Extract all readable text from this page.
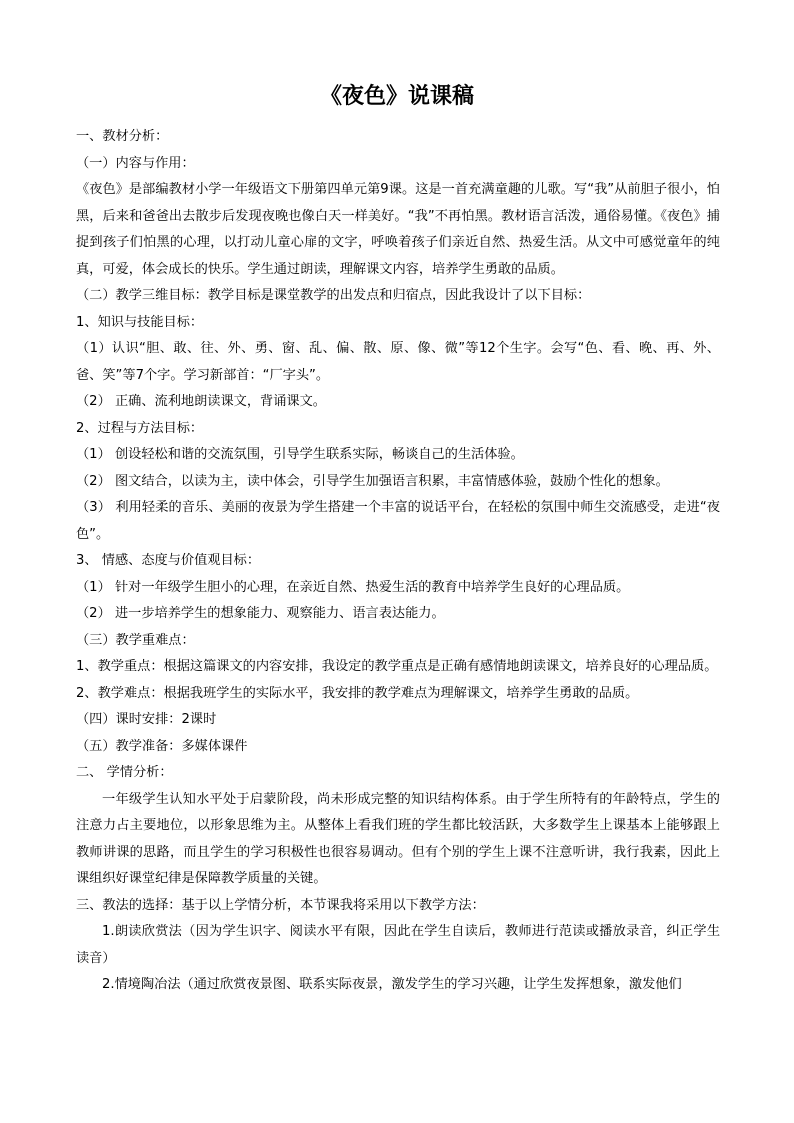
《夜色》说课稿

一、教材分析：

（一）内容与作用：

《夜色》是部编教材小学一年级语文下册第四单元第9课。这是一首充满童趣的儿歌。写“我”从前胆子很小，怕黑，后来和爸爸出去散步后发现夜晚也像白天一样美好。“我”不再怕黑。教材语言活泼，通俗易懂。《夜色》捕捉到孩子们怕黑的心理，以打动儿童心扉的文字，呼唤着孩子们亲近自然、热爱生活。从文中可感觉童年的纯真，可爱，体会成长的快乐。学生通过朗读，理解课文内容，培养学生勇敢的品质。

（二）教学三维目标：教学目标是课堂教学的出发点和归宿点，因此我设计了以下目标：

1、知识与技能目标：

（1）认识“胆、敢、往、外、勇、窗、乱、偏、散、原、像、微”等12个生字。会写“色、看、晚、再、外、爸、笑”等7个字。学习新部首：“厂字头”。

（2） 正确、流利地朗读课文，背诵课文。

2、过程与方法目标：

（1） 创设轻松和谐的交流氛围，引导学生联系实际，畅谈自己的生活体验。

（2） 图文结合，以读为主，读中体会，引导学生加强语言积累，丰富情感体验，鼓励个性化的想象。

（3） 利用轻柔的音乐、美丽的夜景为学生搭建一个丰富的说话平台，在轻松的氛围中师生交流感受，走进“夜色”。

3、 情感、态度与价值观目标：

（1） 针对一年级学生胆小的心理，在亲近自然、热爱生活的教育中培养学生良好的心理品质。

（2） 进一步培养学生的想象能力、观察能力、语言表达能力。

（三）教学重难点：

1、教学重点：根据这篇课文的内容安排，我设定的教学重点是正确有感情地朗读课文，培养良好的心理品质。

2、教学难点：根据我班学生的实际水平，我安排的教学难点为理解课文，培养学生勇敢的品质。

（四）课时安排：2课时

（五）教学准备：多媒体课件

二、 学情分析：

一年级学生认知水平处于启蒙阶段，尚未形成完整的知识结构体系。由于学生所特有的年龄特点，学生的注意力占主要地位，以形象思维为主。从整体上看我们班的学生都比较活跃，大多数学生上课基本上能够跟上教师讲课的思路，而且学生的学习积极性也很容易调动。但有个别的学生上课不注意听讲，我行我素，因此上课组织好课堂纪律是保障教学质量的关键。

三、教法的选择：基于以上学情分析，本节课我将采用以下教学方法：

1.朗读欣赏法（因为学生识字、阅读水平有限，因此在学生自读后，教师进行范读或播放录音，纠正学生读音）

2.情境陶冶法（通过欣赏夜景图、联系实际夜景，激发学生的学习兴趣，让学生发挥想象，激发他们
